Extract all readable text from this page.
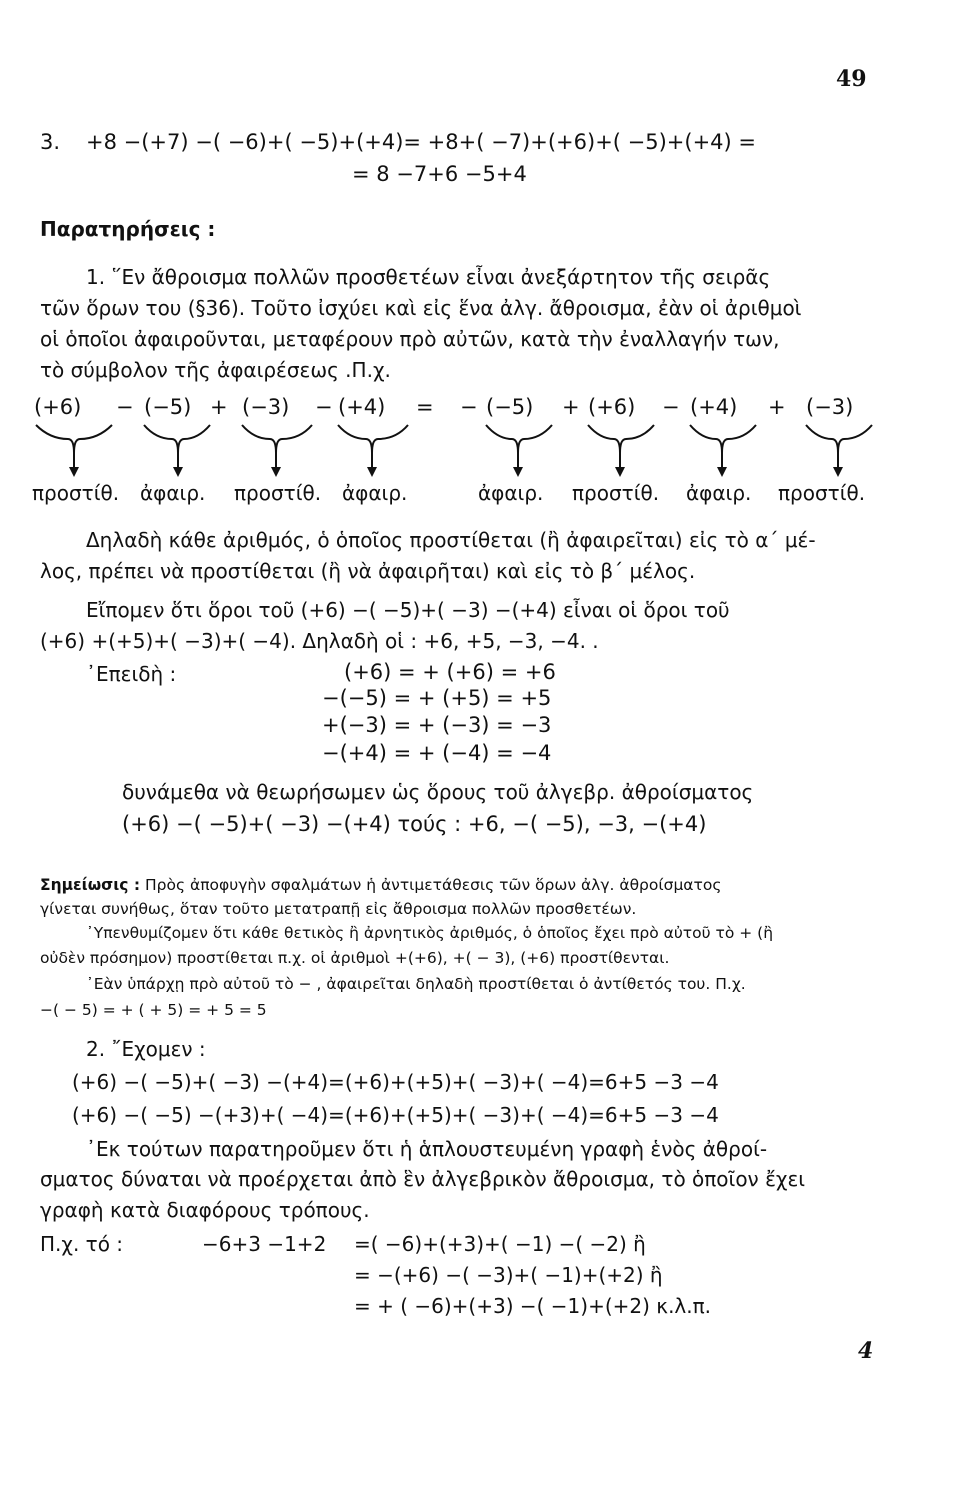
49
3. +8 −(+7) −( −6)+( −5)+(+4)= +8+( −7)+(+6)+( −5)+(+4) =
= 8 −7+6 −5+4
Παρατηρήσεις :
1. ῞Εν ἄθροισμα πολλῶν προσθετέων εἶναι ἀνεξάρτητον τῆς σειρᾶς
τῶν ὅρων του (§36). Τοῦτο ἰσχύει καὶ εἰς ἕνα ἀλγ. ἄθροισμα, ἐὰν οἱ ἀριθμοὶ
οἱ ὁποῖοι ἀφαιροῦνται, μεταφέρουν πρὸ αὐτῶν, κατὰ τὴν ἐναλλαγήν των,
τὸ σύμβολον τῆς ἀφαιρέσεως .Π.χ.
(+6) − (−5) + (−3) − (+4) = − (−5) + (+6) − (+4) + (−3)
προστίθ. ἀφαιρ. προστίθ. ἀφαιρ.	ἀφαιρ. προστίθ. ἀφαιρ. προστίθ.
Δηλαδὴ κάθε ἀριθμός, ὁ ὁποῖος προστίθεται (ἢ ἀφαιρεῖται) εἰς τὸ α΄ μέ-
λος, πρέπει νὰ προστίθεται (ἢ νὰ ἀφαιρῆται) καὶ εἰς τὸ β΄ μέλος.
Εἴπομεν ὅτι ὅροι τοῦ (+6) −( −5)+( −3) −(+4) εἶναι οἱ ὅροι τοῦ
(+6) +(+5)+( −3)+( −4). Δηλαδὴ οἱ : +6, +5, −3, −4. .
᾿Επειδὴ :	(+6) = + (+6) = +6
−(−5) = + (+5) = +5
+(−3) = + (−3) = −3
−(+4) = + (−4) = −4
δυνάμεθα νὰ θεωρήσωμεν ὡς ὅρους τοῦ ἀλγεβρ. ἀθροίσματος
(+6) −( −5)+( −3) −(+4) τούς : +6, −( −5), −3, −(+4)
Σημείωσις : Πρὸς ἀποφυγὴν σφαλμάτων ἡ ἀντιμετάθεσις τῶν ὅρων ἀλγ. ἀθροίσματος
γίνεται συνήθως, ὅταν τοῦτο μετατραπῇ εἰς ἄθροισμα πολλῶν προσθετέων.
᾿Υπενθυμίζομεν ὅτι κάθε θετικὸς ἢ ἀρνητικὸς ἀριθμός, ὁ ὁποῖος ἔχει πρὸ αὐτοῦ τὸ + (ἢ
οὐδὲν πρόσημον) προστίθεται π.χ. οἱ ἀριθμοὶ +(+6), +( − 3), (+6) προστίθενται.
᾿Εὰν ὑπάρχῃ πρὸ αὐτοῦ τὸ − , ἀφαιρεῖται δηλαδὴ προστίθεται ὁ ἀντίθετός του. Π.χ.
−( − 5) = + ( + 5) = + 5 = 5
2. ῎Εχομεν :
(+6) −( −5)+( −3) −(+4)=(+6)+(+5)+( −3)+( −4)=6+5 −3 −4
(+6) −( −5) −(+3)+( −4)=(+6)+(+5)+( −3)+( −4)=6+5 −3 −4
᾿Εκ τούτων παρατηροῦμεν ὅτι ἡ ἁπλουστευμένη γραφὴ ἑνὸς ἀθροί-
σματος δύναται νὰ προέρχεται ἀπὸ ἓν ἀλγεβρικὸν ἄθροισμα, τὸ ὁποῖον ἔχει
γραφὴ κατὰ διαφόρους τρόπους.
Π.χ. τό :	−6+3 −1+2 =( −6)+(+3)+( −1) −( −2) ἢ
= −(+6) −( −3)+( −1)+(+2) ἢ
= + ( −6)+(+3) −( −1)+(+2) κ.λ.π.
4
